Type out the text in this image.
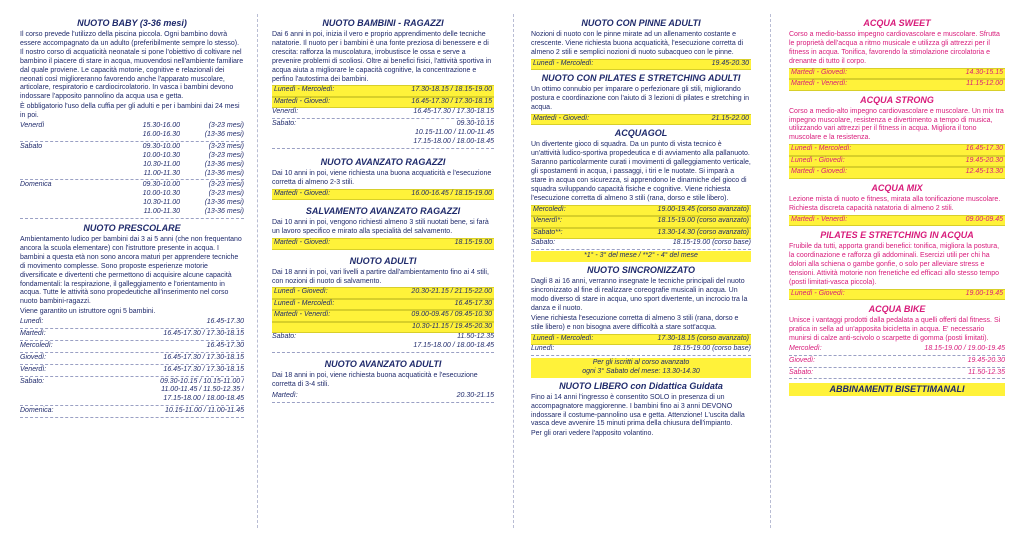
NUOTO BABY (3-36 mesi)
Il corso prevede l'utilizzo della piscina piccola. Ogni bambino dovrà essere accompagnato da un adulto (preferibilmente sempre lo stesso). Il nostro corso di acquaticità neonatale si pone l'obiettivo di coltivare nel bambino il piacere di stare in acqua, muovendosi nell'ambiente familiare dal quale proviene. Le capacità motorie, cognitive e relazionali dei neonati così miglioreranno favorendo anche l'apparato muscolare, articolare, respiratorio e cardiocircolatorio. In vasca i bambini devono indossare l'apposito pannolino da acqua usa e getta.
È obbligatorio l'uso della cuffia per gli adulti e per i bambini dai 24 mesi in poi.
Venerdì	15.30-16.00	(3-23 mesi)
16.00-16.30	(13-36 mesi)
Sabato	09.30-10.00	(3-23 mesi)
10.00-10.30	(3-23 mesi)
10.30-11.00	(13-36 mesi)
11.00-11.30	(13-36 mesi)
Domenica	09.30-10.00	(3-23 mesi)
10.00-10.30	(3-23 mesi)
10.30-11.00	(13-36 mesi)
11.00-11.30	(13-36 mesi)
NUOTO PRESCOLARE
Ambientamento ludico per bambini dai 3 ai 5 anni (che non frequentano ancora la scuola elementare) con l'istruttore presente in acqua. I bambini a questa età non sono ancora maturi per apprendere tecniche di movimento complesse. Sono proposte esperienze motorie diversificate e divertenti che permettono di acquisire alcune capacità fondamentali: la respirazione, il galleggiamento e l'orientamento in acqua. Tutte le attività sono propedeutiche all'inserimento nel corso nuoto bambini-ragazzi.
Viene garantito un istruttore ogni 5 bambini.
Lunedì:	16.45-17.30
Martedì:	16.45-17.30 / 17.30-18.15
Mercoledì:	16.45-17.30
Giovedì:	16.45-17.30 / 17.30-18.15
Venerdì:	16.45-17.30 / 17.30-18.15
Sabato:	09.30-10.15 / 10.15-11.00 /
11.00-11.45 / 11.50-12.35 /
17.15-18.00 / 18.00-18.45
Domenica:	10.15-11.00 / 11.00-11.45
NUOTO BAMBINI - RAGAZZI
Dai 6 anni in poi, inizia il vero e proprio apprendimento delle tecniche natatorie. Il nuoto per i bambini è una fonte preziosa di benessere e di crescita: rafforza la muscolatura, irrobustisce le ossa e serve a prevenire problemi di scoliosi. Oltre ai benefici fisici, l'attività sportiva in acqua aiuta a migliorare le capacità cognitive, la concentrazione e perfino l'autostima dei bambini.
Lunedì - Mercoledì:	17.30-18.15 / 18.15-19.00
Martedì - Giovedì:	16.45-17.30 / 17.30-18.15
Venerdì:	16.45-17.30 / 17.30-18.15
Sabato:	09.30-10.15
10.15-11.00 / 11.00-11.45
17.15-18.00 / 18.00-18.45
NUOTO AVANZATO RAGAZZI
Dai 10 anni in poi, viene richiesta una buona acquaticità e l'esecuzione corretta di almeno 2-3 stili.
Martedì - Giovedì:	16.00-16.45 / 18.15-19.00
SALVAMENTO AVANZATO RAGAZZI
Dai 10 anni in poi, vengono richiesti almeno 3 stili nuotati bene, si farà un lavoro specifico e mirato alla specialità del salvamento.
Martedì - Giovedì:	18.15-19.00
NUOTO ADULTI
Dai 18 anni in poi, vari livelli a partire dall'ambientamento fino ai 4 stili, con nozioni di nuoto di salvamento.
Lunedì - Giovedì:	20.30-21.15 / 21.15-22.00
Lunedì - Mercoledì:	16.45-17.30
Martedì - Venerdì:	09.00-09.45 / 09.45-10.30
10.30-11.15 / 19.45-20.30
Sabato:	11.50-12.35
17.15-18.00 / 18.00-18.45
NUOTO AVANZATO ADULTI
Dai 18 anni in poi, viene richiesta buona acquaticità e l'esecuzione corretta di 3-4 stili.
Martedì:	20.30-21.15
NUOTO CON PINNE ADULTI
Nozioni di nuoto con le pinne mirate ad un allenamento costante e crescente. Viene richiesta buona acquaticità, l'esecuzione corretta di almeno 2 stili e semplici nozioni di nuoto subacqueo con le pinne.
Lunedì - Mercoledì:	19.45-20.30
NUOTO CON PILATES E STRETCHING ADULTI
Un ottimo connubio per imparare o perfezionare gli stili, migliorando postura e coordinazione con l'aiuto di 3 lezioni di pilates e stretching in acqua.
Martedì - Giovedì:	21.15-22.00
ACQUAGOL
Un divertente gioco di squadra. Da un punto di vista tecnico è un'attività ludico-sportiva propedeutica e di avviamento alla pallanuoto. Saranno particolarmente curati i movimenti di galleggiamento verticale, gli spostamenti in acqua, i passaggi, i tiri e le nuotate. Si imparà a stare in acqua con sicurezza, si apprendono le dinamiche del gioco di squadra sviluppando capacità fisiche e cognitive. Viene richiesta l'esecuzione corretta di almeno 3 stili (rana, dorso e stile libero).
Mercoledì:	19.00-19.45 (corso avanzato)
Venerdì*:	18.15-19.00 (corso avanzato)
Sabato**:	13.30-14.30 (corso avanzato)
Sabato:	18.15-19.00 (corso base)
*1° - 3° del mese / **2° - 4° del mese
NUOTO SINCRONIZZATO
Dagli 8 ai 16 anni, verranno insegnate le tecniche principali del nuoto sincronizzato al fine di realizzare coreografie musicali in acqua. Un modo diverso di stare in acqua, uno sport divertente, un incrocio tra la danza e il nuoto.
Viene richiesta l'esecuzione corretta di almeno 3 stili (rana, dorso e stile libero) e non bisogna avere difficoltà a stare sott'acqua.
Lunedì - Mercoledì:	17.30-18.15 (corso avanzato)
Lunedì:	18.15-19.00 (corso base)
Per gli iscritti al corso avanzato
ogni 3° Sabato del mese: 13.30-14.30
NUOTO LIBERO con Didattica Guidata
Fino ai 14 anni l'ingresso è consentito SOLO in presenza di un accompagnatore maggiorenne. I bambini fino ai 3 anni DEVONO indossare il costume-pannolino usa e getta. Attenzione! L'uscita dalla vasca deve avvenire 15 minuti prima della chiusura dell'impianto.
Per gli orari vedere l'apposito volantino.
ACQUA SWEET
Corso a medio-basso impegno cardiovascolare e muscolare. Sfrutta le proprietà dell'acqua a ritmo musicale e utilizza gli attrezzi per il fitness in acqua. Tonifica, favorendo la stimolazione circolatoria e drenante di tutto il corpo.
Martedì - Giovedì:	14.30-15.15
Martedì - Venerdì:	11.15-12.00
ACQUA STRONG
Corso a medio-alto impegno cardiovascolare e muscolare. Un mix tra impegno muscolare, resistenza e divertimento a tempo di musica, utilizzando vari attrezzi per il fitness in acqua. Migliora il tono muscolare e la resistenza.
Lunedì - Mercoledì:	16.45-17.30
Lunedì - Giovedì:	19.45-20.30
Martedì - Giovedì:	12.45-13.30
ACQUA MIX
Lezione mista di nuoto e fitness, mirata alla tonificazione muscolare. Richiesta discreta capacità natatoria di almeno 2 stili.
Martedì - Venerdì:	09.00-09.45
PILATES E STRETCHING IN ACQUA
Fruibile da tutti, apporta grandi benefici: tonifica, migliora la postura, la coordinazione e rafforza gli addominali. Esercizi utili per chi ha dolori alla schiena o gambe gonfie, o solo per alleviare stress e tensioni. Attività motorie non frenetiche ed efficaci allo stesso tempo (posti limitati-vasca piccola).
Lunedì - Giovedì:	19.00-19.45
ACQUA BIKE
Unisce i vantaggi prodotti dalla pedalata a quelli offerti dal fitness. Si pratica in sella ad un'apposita bicicletta in acqua. E' necessario munirsi di calze anti-scivolo o scarpette di gomma (posti limitati).
Mercoledì:	18.15-19.00 / 19.00-19.45
Giovedì:	19.45-20.30
Sabato:	11.50-12.35
ABBINAMENTI BISETTIMANALI
